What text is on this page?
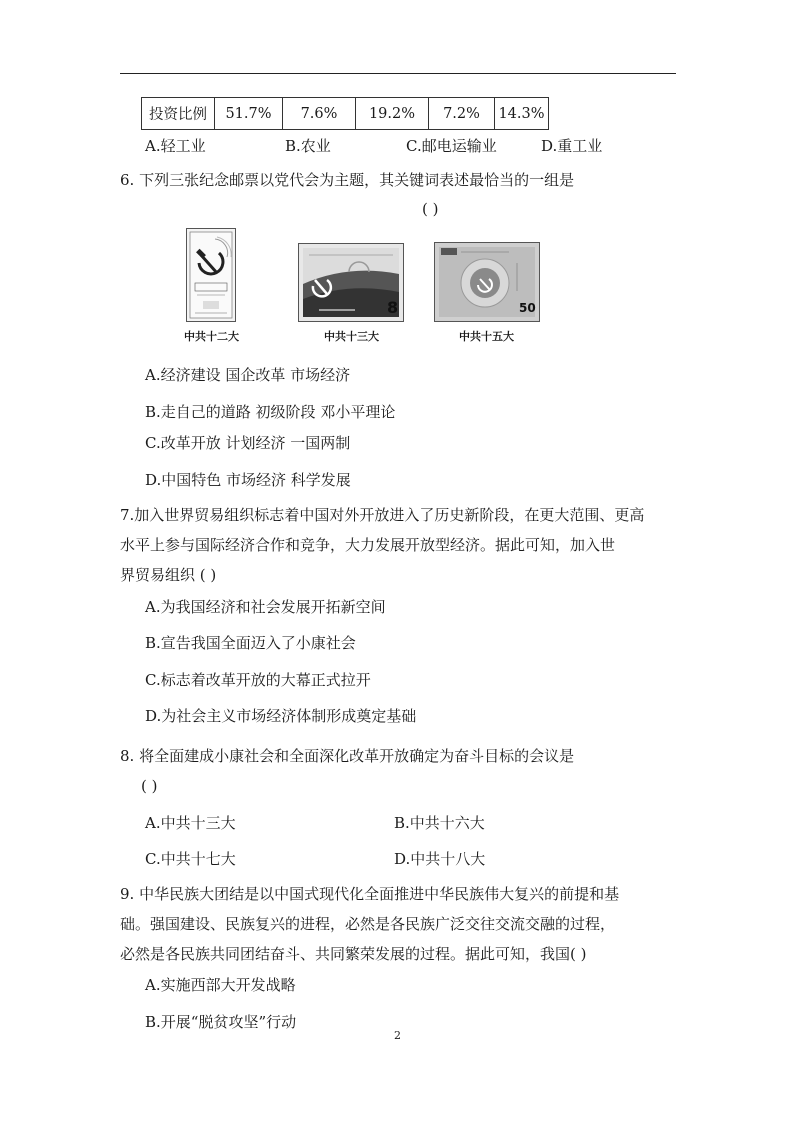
投资比例	51.7%	7.6%	19.2%	7.2%	14.3%
A.轻工业	B.农业	C.邮电运输业	D.重工业
6. 下列三张纪念邮票以党代会为主题，其关键词表述最恰当的一组是
( )
中共十二大
8
中共十三大
50
中共十五大
A.经济建设 国企改革 市场经济
B.走自己的道路 初级阶段 邓小平理论
C.改革开放 计划经济 一国两制
D.中国特色 市场经济 科学发展
7.加入世界贸易组织标志着中国对外开放进入了历史新阶段，在更大范围、更高
水平上参与国际经济合作和竞争，大力发展开放型经济。据此可知，加入世
界贸易组织 ( )
A.为我国经济和社会发展开拓新空间
B.宣告我国全面迈入了小康社会
C.标志着改革开放的大幕正式拉开
D.为社会主义市场经济体制形成奠定基础
8. 将全面建成小康社会和全面深化改革开放确定为奋斗目标的会议是
( )
A.中共十三大	B.中共十六大
C.中共十七大	D.中共十八大
9. 中华民族大团结是以中国式现代化全面推进中华民族伟大复兴的前提和基
础。强国建设、民族复兴的进程，必然是各民族广泛交往交流交融的过程，
必然是各民族共同团结奋斗、共同繁荣发展的过程。据此可知，我国( )
A.实施西部大开发战略
B.开展“脱贫攻坚”行动
2
